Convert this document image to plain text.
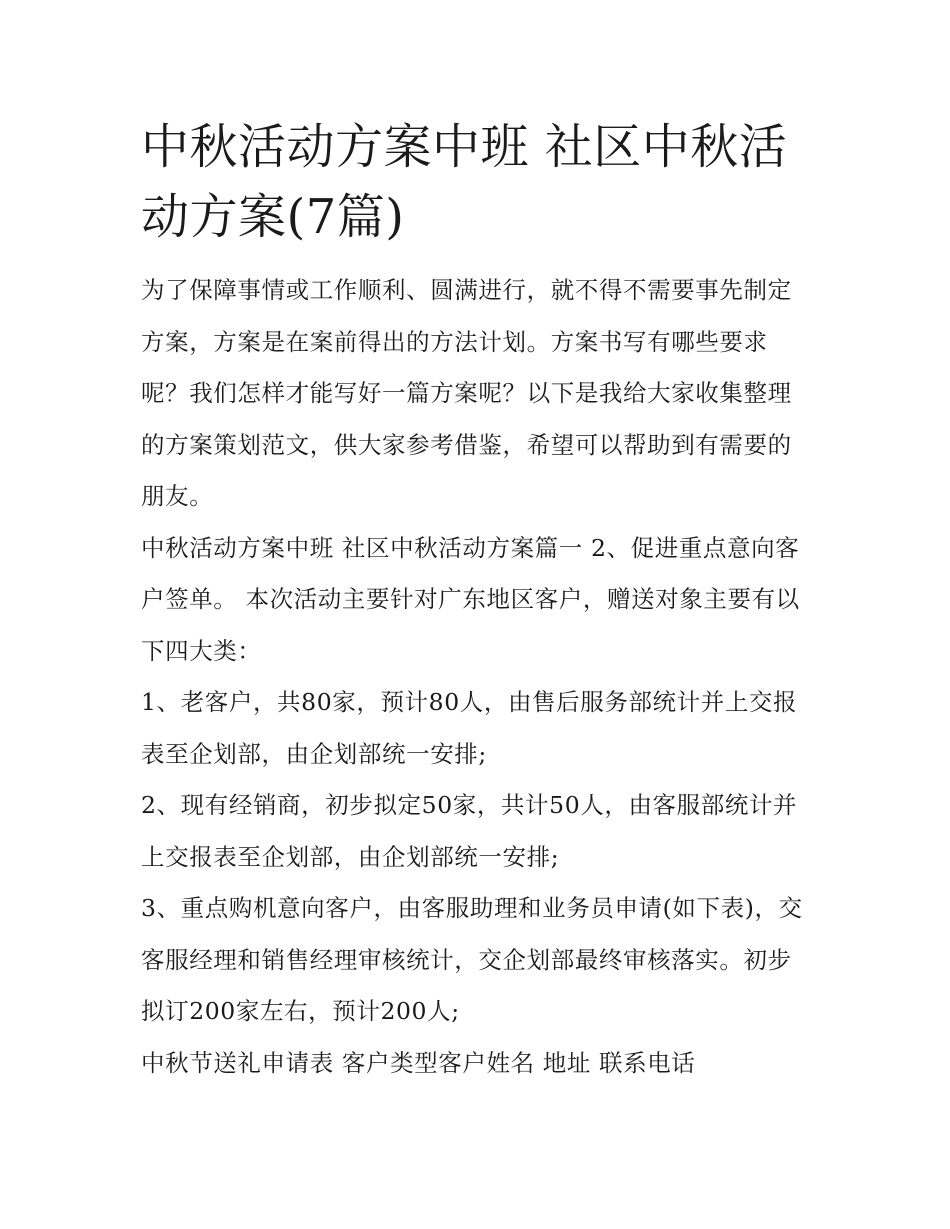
中秋活动方案中班 社区中秋活动方案(7篇)

为了保障事情或工作顺利、圆满进行，就不得不需要事先制定方案，方案是在案前得出的方法计划。方案书写有哪些要求呢？我们怎样才能写好一篇方案呢？以下是我给大家收集整理的方案策划范文，供大家参考借鉴，希望可以帮助到有需要的朋友。

中秋活动方案中班 社区中秋活动方案篇一 2、促进重点意向客户签单。 本次活动主要针对广东地区客户，赠送对象主要有以下四大类：

1、老客户，共80家，预计80人，由售后服务部统计并上交报表至企划部，由企划部统一安排;

2、现有经销商，初步拟定50家，共计50人，由客服部统计并上交报表至企划部，由企划部统一安排;

3、重点购机意向客户，由客服助理和业务员申请(如下表)，交客服经理和销售经理审核统计，交企划部最终审核落实。初步拟订200家左右，预计200人;

中秋节送礼申请表 客户类型客户姓名 地址 联系电话
